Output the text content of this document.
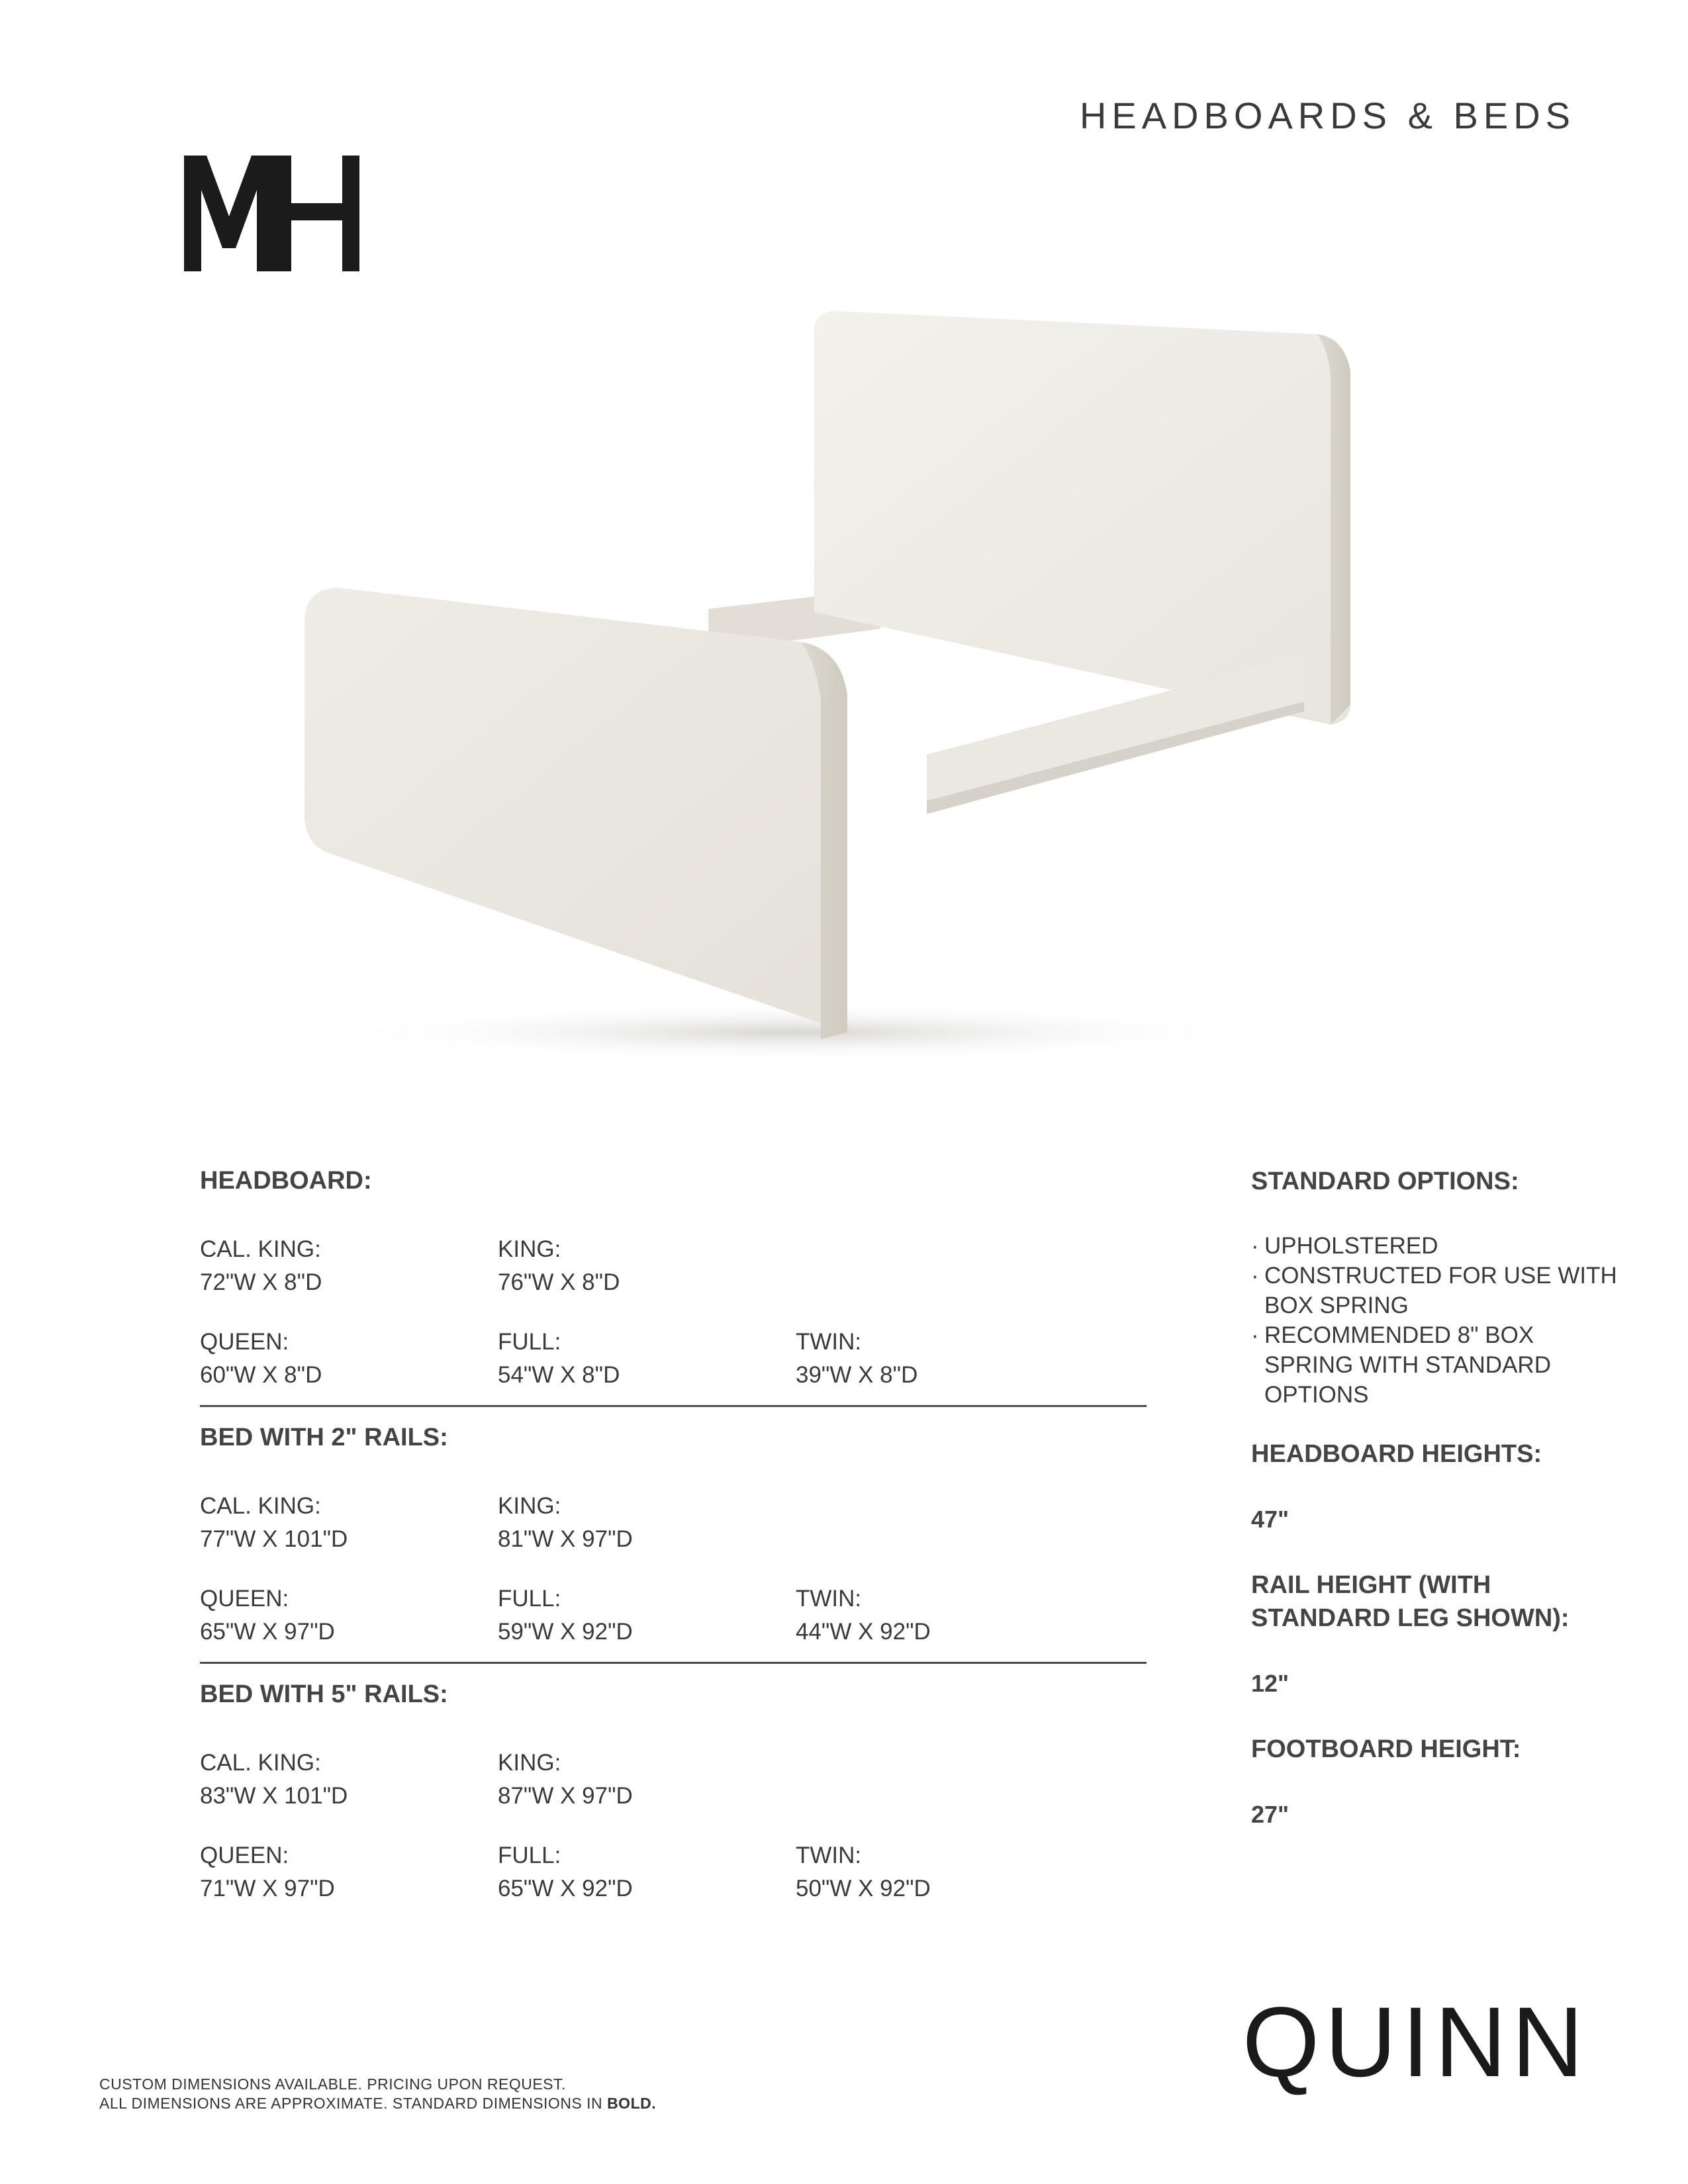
HEADBOARDS & BEDS
HEADBOARD:
CAL. KING:
72"W X 8"D
KING:
76"W X 8"D
QUEEN:
60"W X 8"D
FULL:
54"W X 8"D
TWIN:
39"W X 8"D
BED WITH 2" RAILS:
CAL. KING:
77"W X 101"D
KING:
81"W X 97"D
QUEEN:
65"W X 97"D
FULL:
59"W X 92"D
TWIN:
44"W X 92"D
BED WITH 5" RAILS:
CAL. KING:
83"W X 101"D
KING:
87"W X 97"D
QUEEN:
71"W X 97"D
FULL:
65"W X 92"D
TWIN:
50"W X 92"D
STANDARD OPTIONS:
· UPHOLSTERED
· CONSTRUCTED FOR USE WITH BOX SPRING
· RECOMMENDED 8" BOX SPRING WITH STANDARD OPTIONS
HEADBOARD HEIGHTS:
47"
RAIL HEIGHT (WITH STANDARD LEG SHOWN):
12"
FOOTBOARD HEIGHT:
27"
QUINN
CUSTOM DIMENSIONS AVAILABLE. PRICING UPON REQUEST.
ALL DIMENSIONS ARE APPROXIMATE. STANDARD DIMENSIONS IN BOLD.
